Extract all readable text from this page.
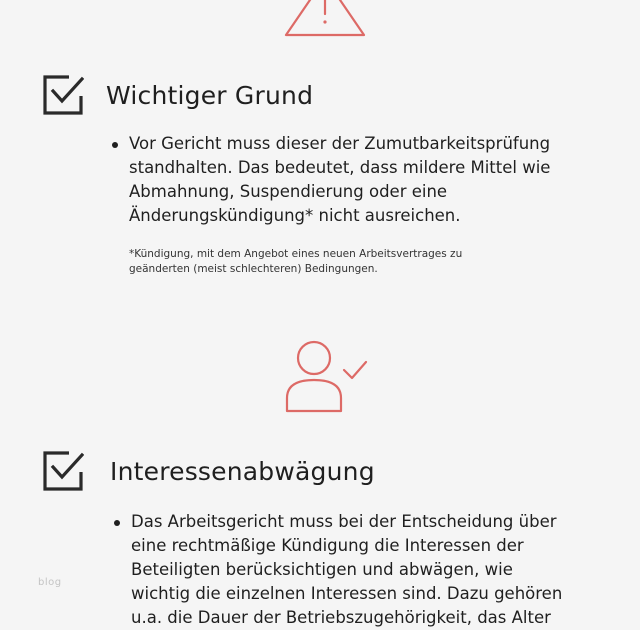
Wichtiger Grund
Vor Gericht muss dieser der Zumutbarkeitsprüfung
standhalten. Das bedeutet, dass mildere Mittel wie
Abmahnung, Suspendierung oder eine
Änderungskündigung* nicht ausreichen.
*Kündigung, mit dem Angebot eines neuen Arbeitsvertrages zu
geänderten (meist schlechteren) Bedingungen.
Interessenabwägung
Das Arbeitsgericht muss bei der Entscheidung über
eine rechtmäßige Kündigung die Interessen der
Beteiligten berücksichtigen und abwägen, wie
wichtig die einzelnen Interessen sind. Dazu gehören
u.a. die Dauer der Betriebszugehörigkeit, das Alter
blog
